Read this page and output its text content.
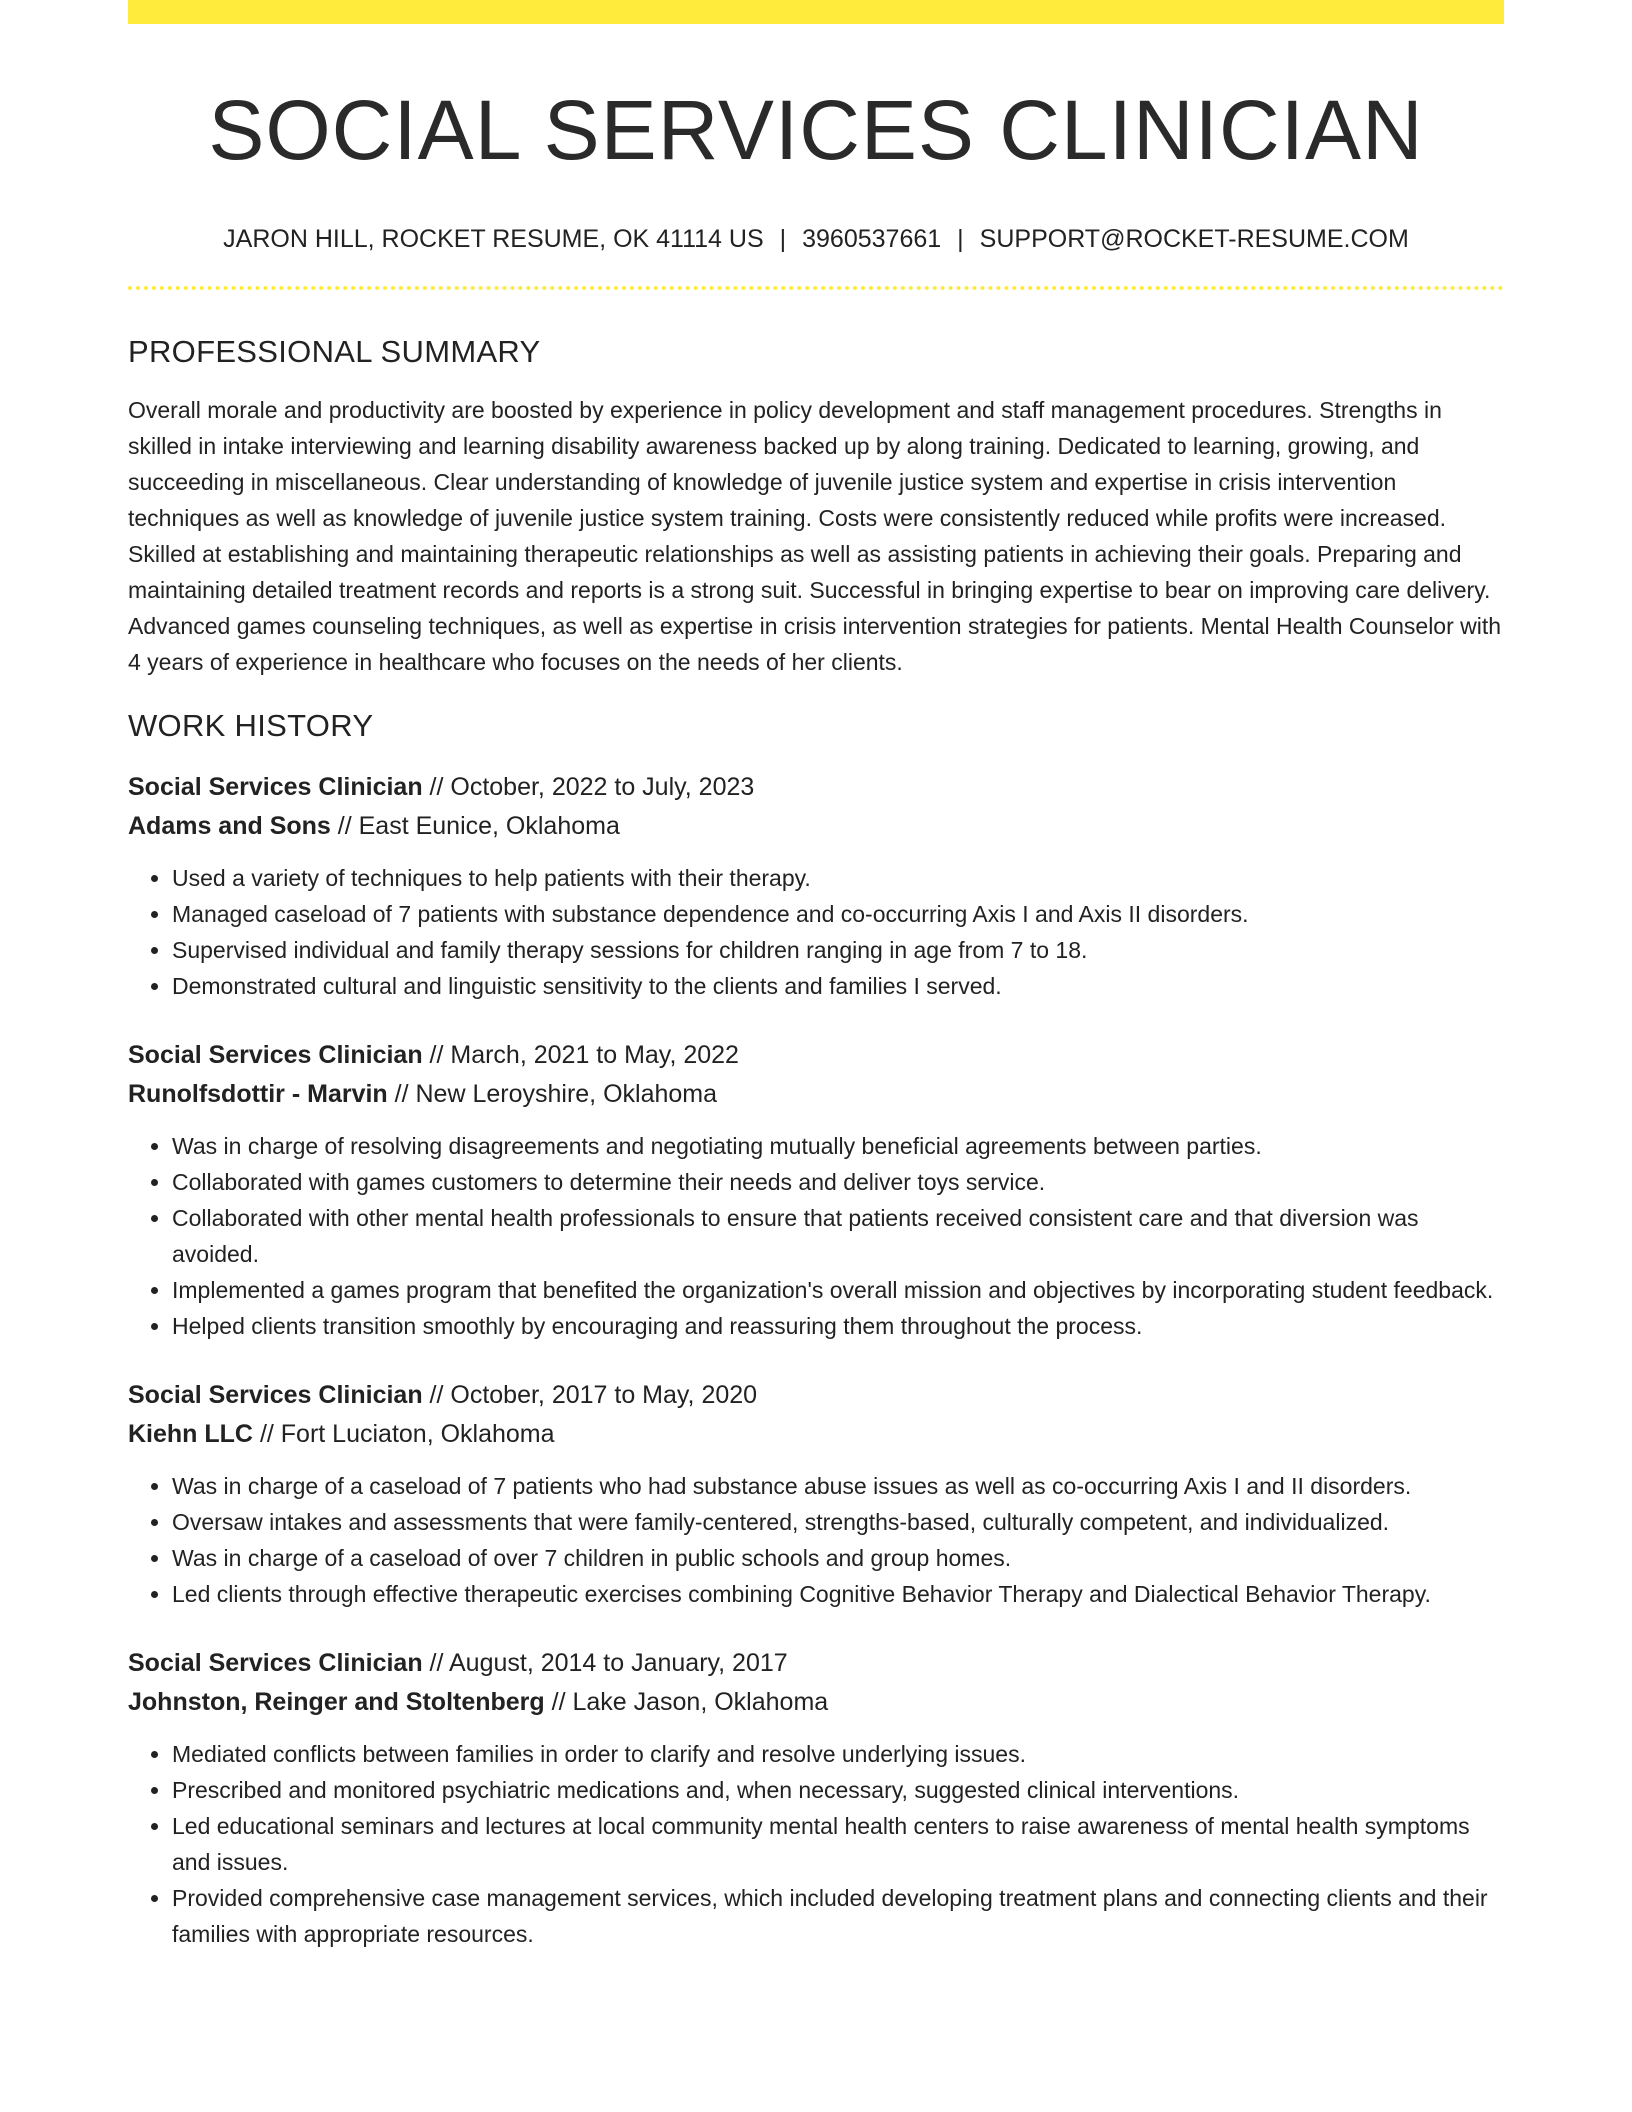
SOCIAL SERVICES CLINICIAN
JARON HILL, ROCKET RESUME, OK 41114 US | 3960537661 | SUPPORT@ROCKET-RESUME.COM
PROFESSIONAL SUMMARY
Overall morale and productivity are boosted by experience in policy development and staff management procedures. Strengths in skilled in intake interviewing and learning disability awareness backed up by along training. Dedicated to learning, growing, and succeeding in miscellaneous. Clear understanding of knowledge of juvenile justice system and expertise in crisis intervention techniques as well as knowledge of juvenile justice system training. Costs were consistently reduced while profits were increased. Skilled at establishing and maintaining therapeutic relationships as well as assisting patients in achieving their goals. Preparing and maintaining detailed treatment records and reports is a strong suit. Successful in bringing expertise to bear on improving care delivery. Advanced games counseling techniques, as well as expertise in crisis intervention strategies for patients. Mental Health Counselor with 4 years of experience in healthcare who focuses on the needs of her clients.
WORK HISTORY
Social Services Clinician // October, 2022 to July, 2023
Adams and Sons // East Eunice, Oklahoma
• Used a variety of techniques to help patients with their therapy.
• Managed caseload of 7 patients with substance dependence and co-occurring Axis I and Axis II disorders.
• Supervised individual and family therapy sessions for children ranging in age from 7 to 18.
• Demonstrated cultural and linguistic sensitivity to the clients and families I served.
Social Services Clinician // March, 2021 to May, 2022
Runolfsdottir - Marvin // New Leroyshire, Oklahoma
• Was in charge of resolving disagreements and negotiating mutually beneficial agreements between parties.
• Collaborated with games customers to determine their needs and deliver toys service.
• Collaborated with other mental health professionals to ensure that patients received consistent care and that diversion was avoided.
• Implemented a games program that benefited the organization's overall mission and objectives by incorporating student feedback.
• Helped clients transition smoothly by encouraging and reassuring them throughout the process.
Social Services Clinician // October, 2017 to May, 2020
Kiehn LLC // Fort Luciaton, Oklahoma
• Was in charge of a caseload of 7 patients who had substance abuse issues as well as co-occurring Axis I and II disorders.
• Oversaw intakes and assessments that were family-centered, strengths-based, culturally competent, and individualized.
• Was in charge of a caseload of over 7 children in public schools and group homes.
• Led clients through effective therapeutic exercises combining Cognitive Behavior Therapy and Dialectical Behavior Therapy.
Social Services Clinician // August, 2014 to January, 2017
Johnston, Reinger and Stoltenberg // Lake Jason, Oklahoma
• Mediated conflicts between families in order to clarify and resolve underlying issues.
• Prescribed and monitored psychiatric medications and, when necessary, suggested clinical interventions.
• Led educational seminars and lectures at local community mental health centers to raise awareness of mental health symptoms and issues.
• Provided comprehensive case management services, which included developing treatment plans and connecting clients and their families with appropriate resources.
